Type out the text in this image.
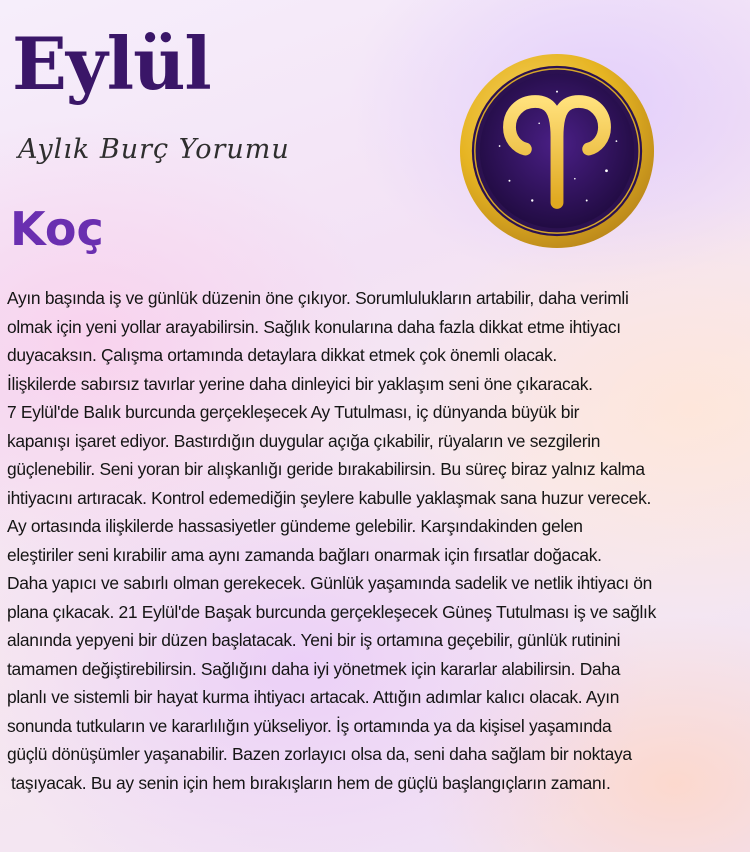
Eylül
Aylık Burç Yorumu
Koç
Ayın başında iş ve günlük düzenin öne çıkıyor. Sorumlulukların artabilir, daha verimli
olmak için yeni yollar arayabilirsin. Sağlık konularına daha fazla dikkat etme ihtiyacı
duyacaksın. Çalışma ortamında detaylara dikkat etmek çok önemli olacak.
İlişkilerde sabırsız tavırlar yerine daha dinleyici bir yaklaşım seni öne çıkaracak.
7 Eylül'de Balık burcunda gerçekleşecek Ay Tutulması, iç dünyanda büyük bir
kapanışı işaret ediyor. Bastırdığın duygular açığa çıkabilir, rüyaların ve sezgilerin
güçlenebilir. Seni yoran bir alışkanlığı geride bırakabilirsin. Bu süreç biraz yalnız kalma
ihtiyacını artıracak. Kontrol edemediğin şeylere kabulle yaklaşmak sana huzur verecek.
Ay ortasında ilişkilerde hassasiyetler gündeme gelebilir. Karşındakinden gelen
eleştiriler seni kırabilir ama aynı zamanda bağları onarmak için fırsatlar doğacak.
Daha yapıcı ve sabırlı olman gerekecek. Günlük yaşamında sadelik ve netlik ihtiyacı ön
plana çıkacak. 21 Eylül'de Başak burcunda gerçekleşecek Güneş Tutulması iş ve sağlık
alanında yepyeni bir düzen başlatacak. Yeni bir iş ortamına geçebilir, günlük rutinini
tamamen değiştirebilirsin. Sağlığını daha iyi yönetmek için kararlar alabilirsin. Daha
planlı ve sistemli bir hayat kurma ihtiyacı artacak. Attığın adımlar kalıcı olacak. Ayın
sonunda tutkuların ve kararlılığın yükseliyor. İş ortamında ya da kişisel yaşamında
güçlü dönüşümler yaşanabilir. Bazen zorlayıcı olsa da, seni daha sağlam bir noktaya
taşıyacak. Bu ay senin için hem bırakışların hem de güçlü başlangıçların zamanı.
